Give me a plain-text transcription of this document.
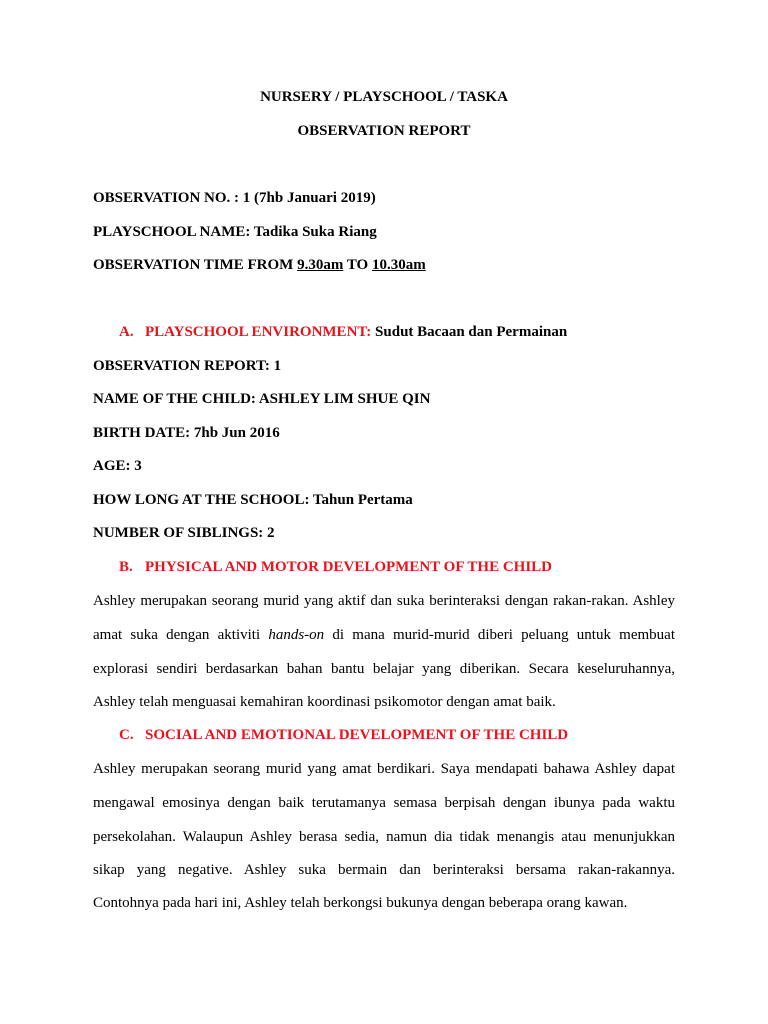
NURSERY / PLAYSCHOOL / TASKA
OBSERVATION REPORT
OBSERVATION NO. : 1 (7hb Januari 2019)
PLAYSCHOOL NAME: Tadika Suka Riang
OBSERVATION TIME FROM 9.30am TO 10.30am
A. PLAYSCHOOL ENVIRONMENT: Sudut Bacaan dan Permainan
OBSERVATION REPORT: 1
NAME OF THE CHILD: ASHLEY LIM SHUE QIN
BIRTH DATE: 7hb Jun 2016
AGE: 3
HOW LONG AT THE SCHOOL: Tahun Pertama
NUMBER OF SIBLINGS: 2
B. PHYSICAL AND MOTOR DEVELOPMENT OF THE CHILD
Ashley merupakan seorang murid yang aktif dan suka berinteraksi dengan rakan-rakan. Ashley
amat suka dengan aktiviti hands-on di mana murid-murid diberi peluang untuk membuat
explorasi sendiri berdasarkan bahan bantu belajar yang diberikan. Secara keseluruhannya,
Ashley telah menguasai kemahiran koordinasi psikomotor dengan amat baik.
C. SOCIAL AND EMOTIONAL DEVELOPMENT OF THE CHILD
Ashley merupakan seorang murid yang amat berdikari. Saya mendapati bahawa Ashley dapat
mengawal emosinya dengan baik terutamanya semasa berpisah dengan ibunya pada waktu
persekolahan. Walaupun Ashley berasa sedia, namun dia tidak menangis atau menunjukkan
sikap yang negative. Ashley suka bermain dan berinteraksi bersama rakan-rakannya.
Contohnya pada hari ini, Ashley telah berkongsi bukunya dengan beberapa orang kawan.
